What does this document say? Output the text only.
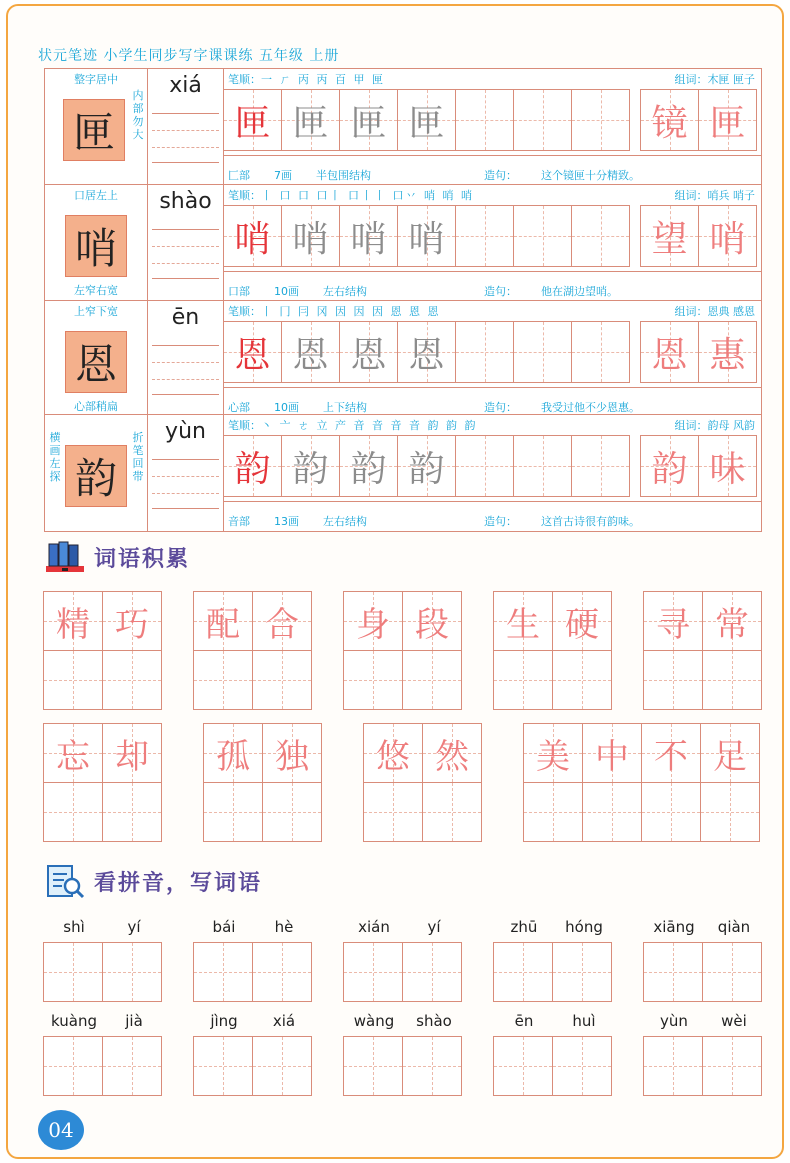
状元笔迹 小学生同步写字课课练 五年级 上册
整字居中
匣
内部勿大
xiá	笔顺：一 ㄏ 丙 丙 百 甲 匣	组词：木匣 匣子
匣 匣 匣 匣	镜 匣
匚部 7画 半包围结构	造句： 这个镜匣十分精致。
口居左上
哨
左窄右宽
shào	笔顺：丨 口 口 口丨 口丨丨 口丷 哨 哨 哨	组词：哨兵 哨子
哨 哨 哨 哨	望 哨
口部 10画 左右结构	造句： 他在湖边望哨。
上窄下宽
恩
心部稍扁
ēn	笔顺：丨 冂 冃 冈 因 因 因 恩 恩 恩	组词：恩典 感恩
恩 恩 恩 恩	恩 惠
心部 10画 上下结构	造句： 我受过他不少恩惠。
横画左探 韵
折笔回带
yùn	笔顺：丶 亠 ㄜ 立 产 音 音 音 音 韵 韵 韵	组词：韵母 风韵
韵 韵 韵 韵	韵 味
音部 13画 左右结构	造句： 这首古诗很有韵味。
词语积累
精 巧 配 合 身 段 生 硬 寻 常
忘 却 孤 独 悠 然 美 中 不 足
看拼音，写词语
shì	yí	bái	hè	xián	yí	zhū	hóng	xiāng	qiàn
kuàng	jià	jìng	xiá	wàng	shào	ēn	huì	yùn	wèi
04
